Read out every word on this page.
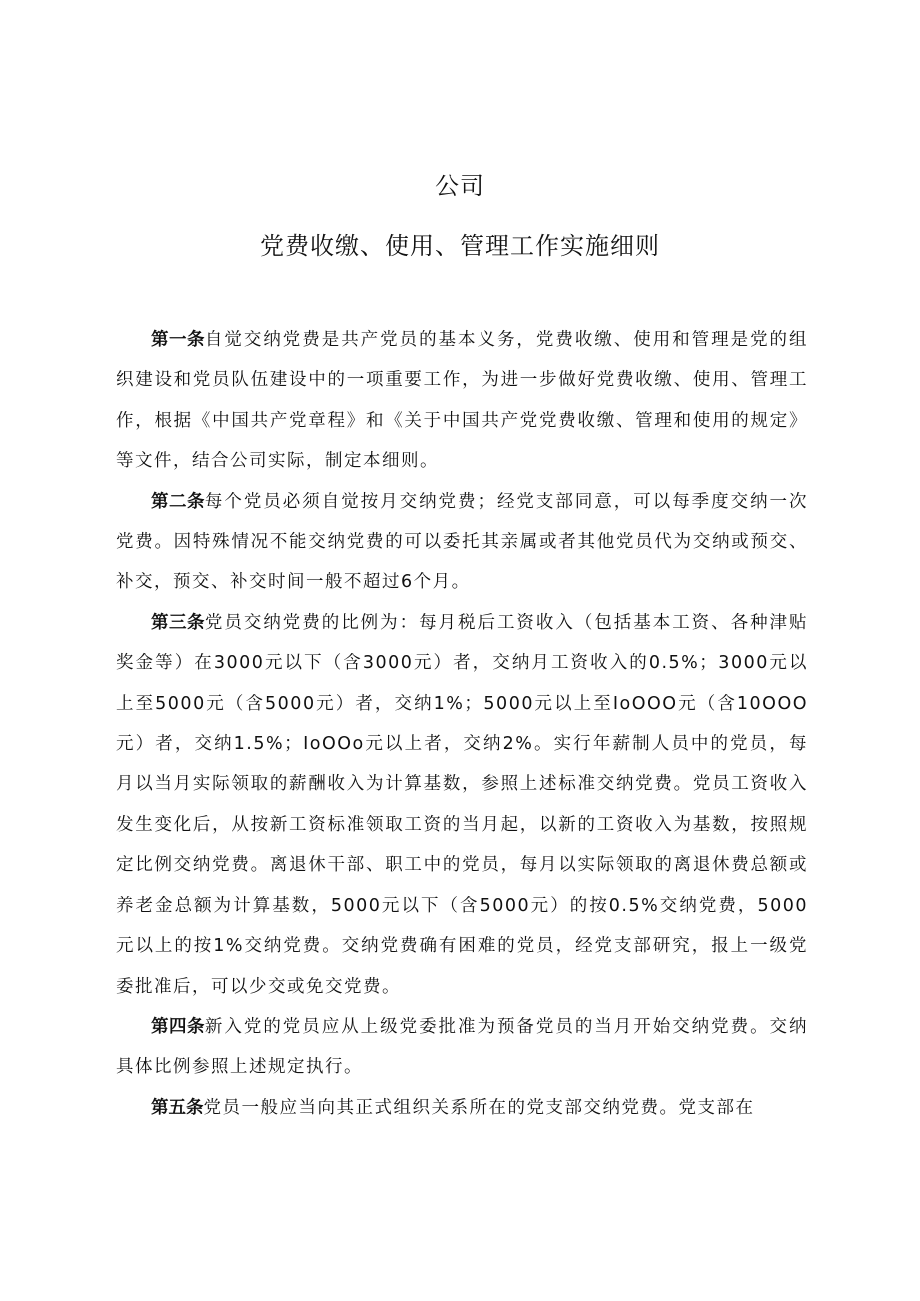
公司
党费收缴、使用、管理工作实施细则

第一条自觉交纳党费是共产党员的基本义务，党费收缴、使用和管理是党的组织建设和党员队伍建设中的一项重要工作，为进一步做好党费收缴、使用、管理工作，根据《中国共产党章程》和《关于中国共产党党费收缴、管理和使用的规定》等文件，结合公司实际，制定本细则。

第二条每个党员必须自觉按月交纳党费；经党支部同意，可以每季度交纳一次党费。因特殊情况不能交纳党费的可以委托其亲属或者其他党员代为交纳或预交、补交，预交、补交时间一般不超过6个月。

第三条党员交纳党费的比例为：每月税后工资收入（包括基本工资、各种津贴奖金等）在3000元以下（含3000元）者，交纳月工资收入的0.5%；3000元以上至5000元（含5000元）者，交纳1%；5000元以上至IoOOO元（含10OOO元）者，交纳1.5%；IoOOo元以上者，交纳2%。实行年薪制人员中的党员，每月以当月实际领取的薪酬收入为计算基数，参照上述标准交纳党费。党员工资收入发生变化后，从按新工资标准领取工资的当月起，以新的工资收入为基数，按照规定比例交纳党费。离退休干部、职工中的党员，每月以实际领取的离退休费总额或养老金总额为计算基数，5000元以下（含5000元）的按0.5%交纳党费，5000元以上的按1%交纳党费。交纳党费确有困难的党员，经党支部研究，报上一级党委批准后，可以少交或免交党费。

第四条新入党的党员应从上级党委批准为预备党员的当月开始交纳党费。交纳具体比例参照上述规定执行。

第五条党员一般应当向其正式组织关系所在的党支部交纳党费。党支部在
